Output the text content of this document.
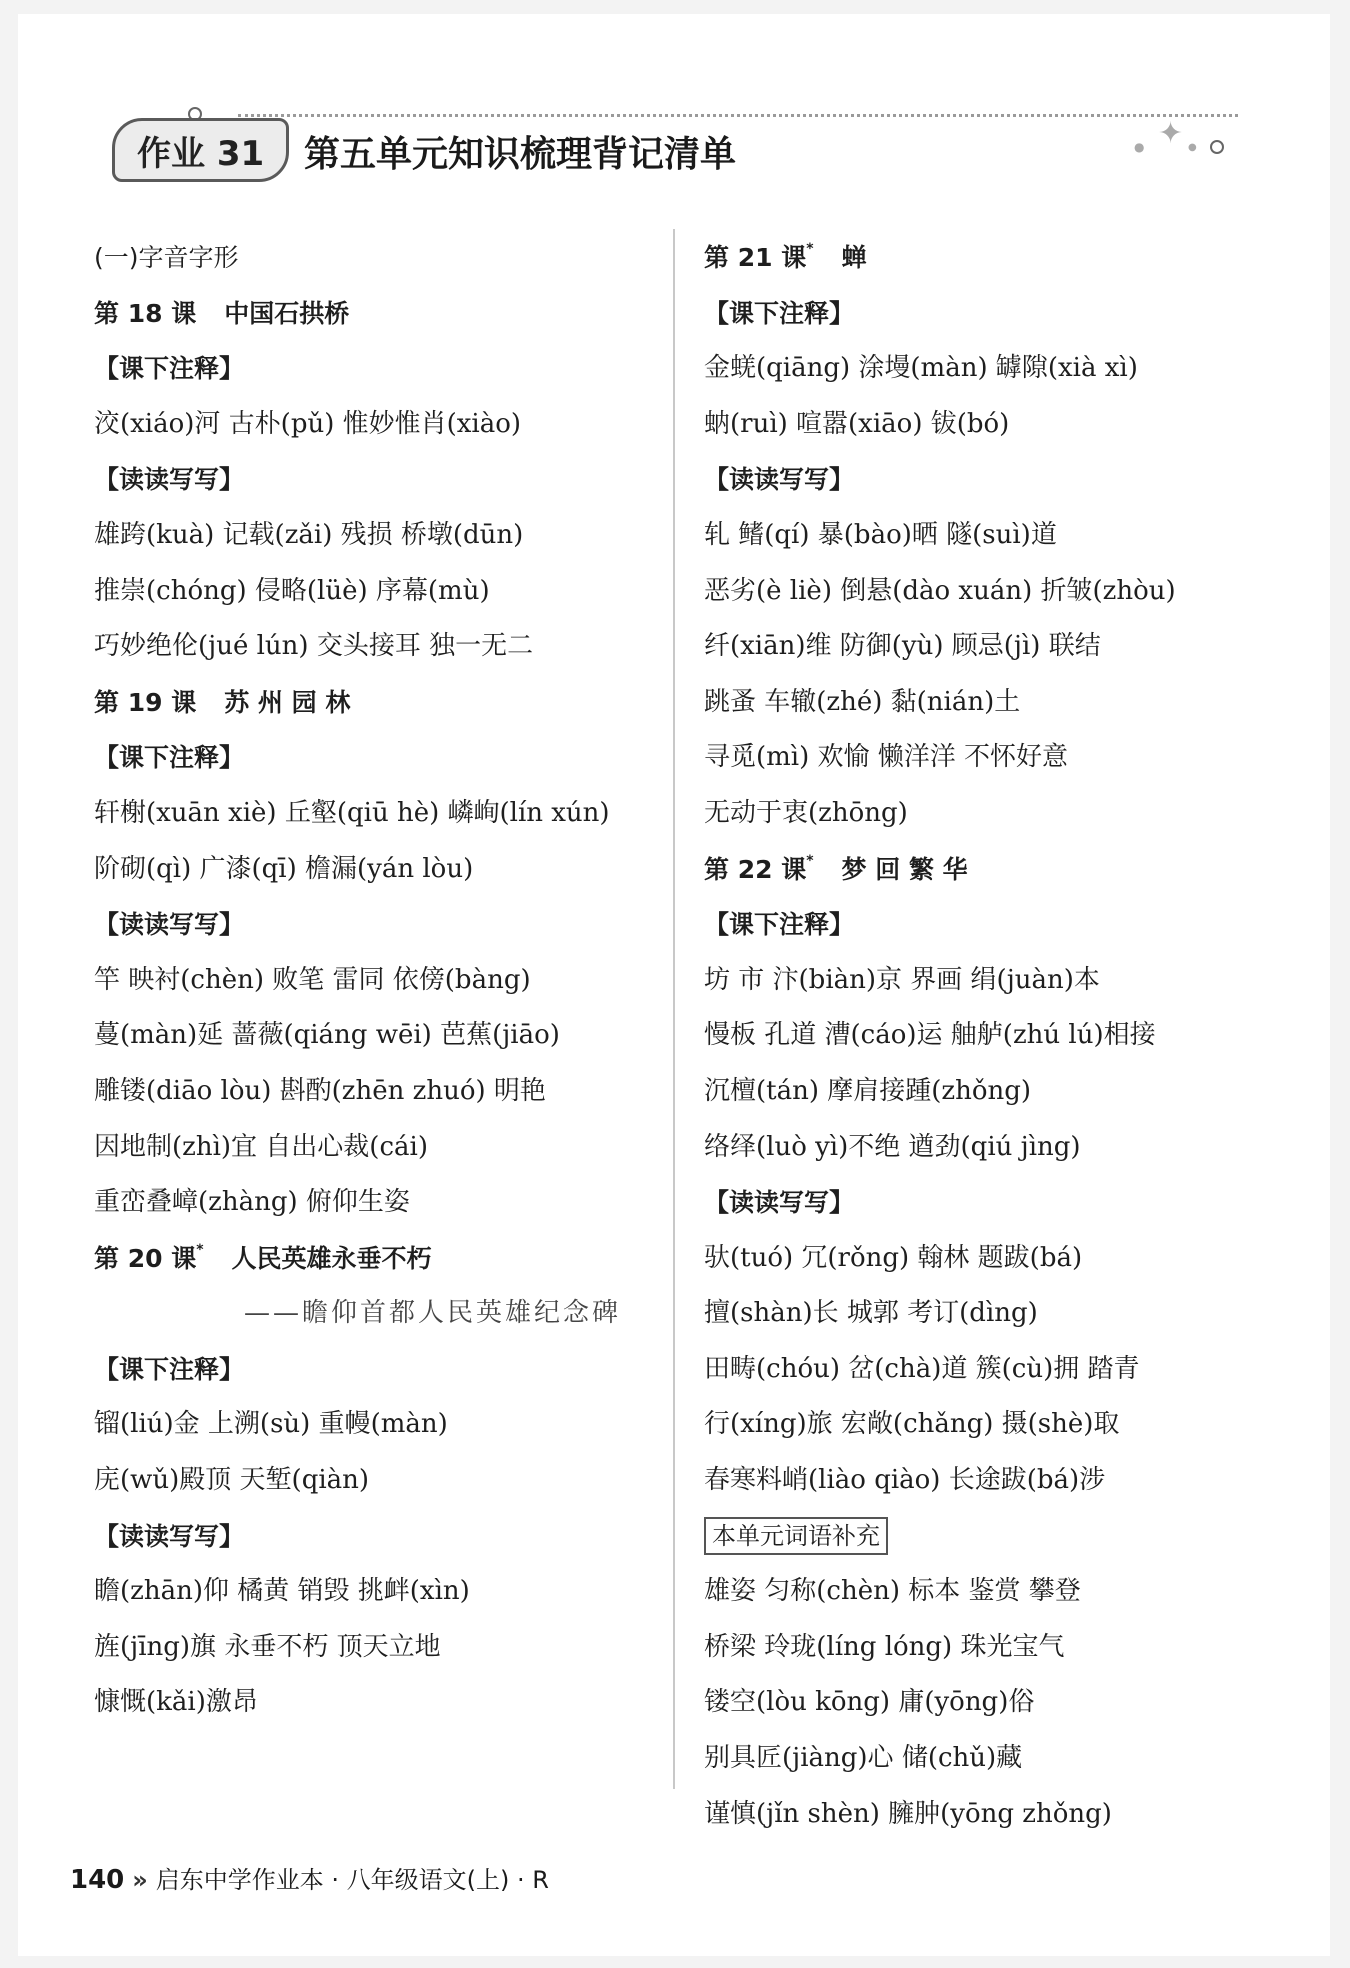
作业 31	第五单元知识梳理背记清单
✦
●	●
(一)字音字形
第 18 课 中国石拱桥
【课下注释】
洨(xiáo)河 古朴(pǔ) 惟妙惟肖(xiào)
【读读写写】
雄跨(kuà) 记载(zǎi) 残损 桥墩(dūn)
推崇(chóng) 侵略(lüè) 序幕(mù)
巧妙绝伦(jué lún) 交头接耳 独一无二
第 19 课 苏 州 园 林
【课下注释】
轩榭(xuān xiè) 丘壑(qiū hè) 嶙峋(lín xún)
阶砌(qì) 广漆(qī) 檐漏(yán lòu)
【读读写写】
竿 映衬(chèn) 败笔 雷同 依傍(bàng)
蔓(màn)延 蔷薇(qiáng wēi) 芭蕉(jiāo)
雕镂(diāo lòu) 斟酌(zhēn zhuó) 明艳
因地制(zhì)宜 自出心裁(cái)
重峦叠嶂(zhàng) 俯仰生姿
第 20 课* 人民英雄永垂不朽
——瞻仰首都人民英雄纪念碑
【课下注释】
镏(liú)金 上溯(sù) 重幔(màn)
庑(wǔ)殿顶 天堑(qiàn)
【读读写写】
瞻(zhān)仰 橘黄 销毁 挑衅(xìn)
旌(jīng)旗 永垂不朽 顶天立地
慷慨(kǎi)激昂
第 21 课* 蝉
【课下注释】
金蜣(qiāng) 涂墁(màn) 罅隙(xià xì)
蚋(ruì) 喧嚣(xiāo) 钹(bó)
【读读写写】
轧 鳍(qí) 暴(bào)晒 隧(suì)道
恶劣(è liè) 倒悬(dào xuán) 折皱(zhòu)
纤(xiān)维 防御(yù) 顾忌(jì) 联结
跳蚤 车辙(zhé) 黏(nián)土
寻觅(mì) 欢愉 懒洋洋 不怀好意
无动于衷(zhōng)
第 22 课* 梦 回 繁 华
【课下注释】
坊 市 汴(biàn)京 界画 绢(juàn)本
慢板 孔道 漕(cáo)运 舳舻(zhú lú)相接
沉檀(tán) 摩肩接踵(zhǒng)
络绎(luò yì)不绝 遒劲(qiú jìng)
【读读写写】
驮(tuó) 冗(rǒng) 翰林 题跋(bá)
擅(shàn)长 城郭 考订(dìng)
田畴(chóu) 岔(chà)道 簇(cù)拥 踏青
行(xíng)旅 宏敞(chǎng) 摄(shè)取
春寒料峭(liào qiào) 长途跋(bá)涉
本单元词语补充
雄姿 匀称(chèn) 标本 鉴赏 攀登
桥梁 玲珑(líng lóng) 珠光宝气
镂空(lòu kōng) 庸(yōng)俗
别具匠(jiàng)心 储(chǔ)藏
谨慎(jǐn shèn) 臃肿(yōng zhǒng)
140 » 启东中学作业本 · 八年级语文(上) · R
